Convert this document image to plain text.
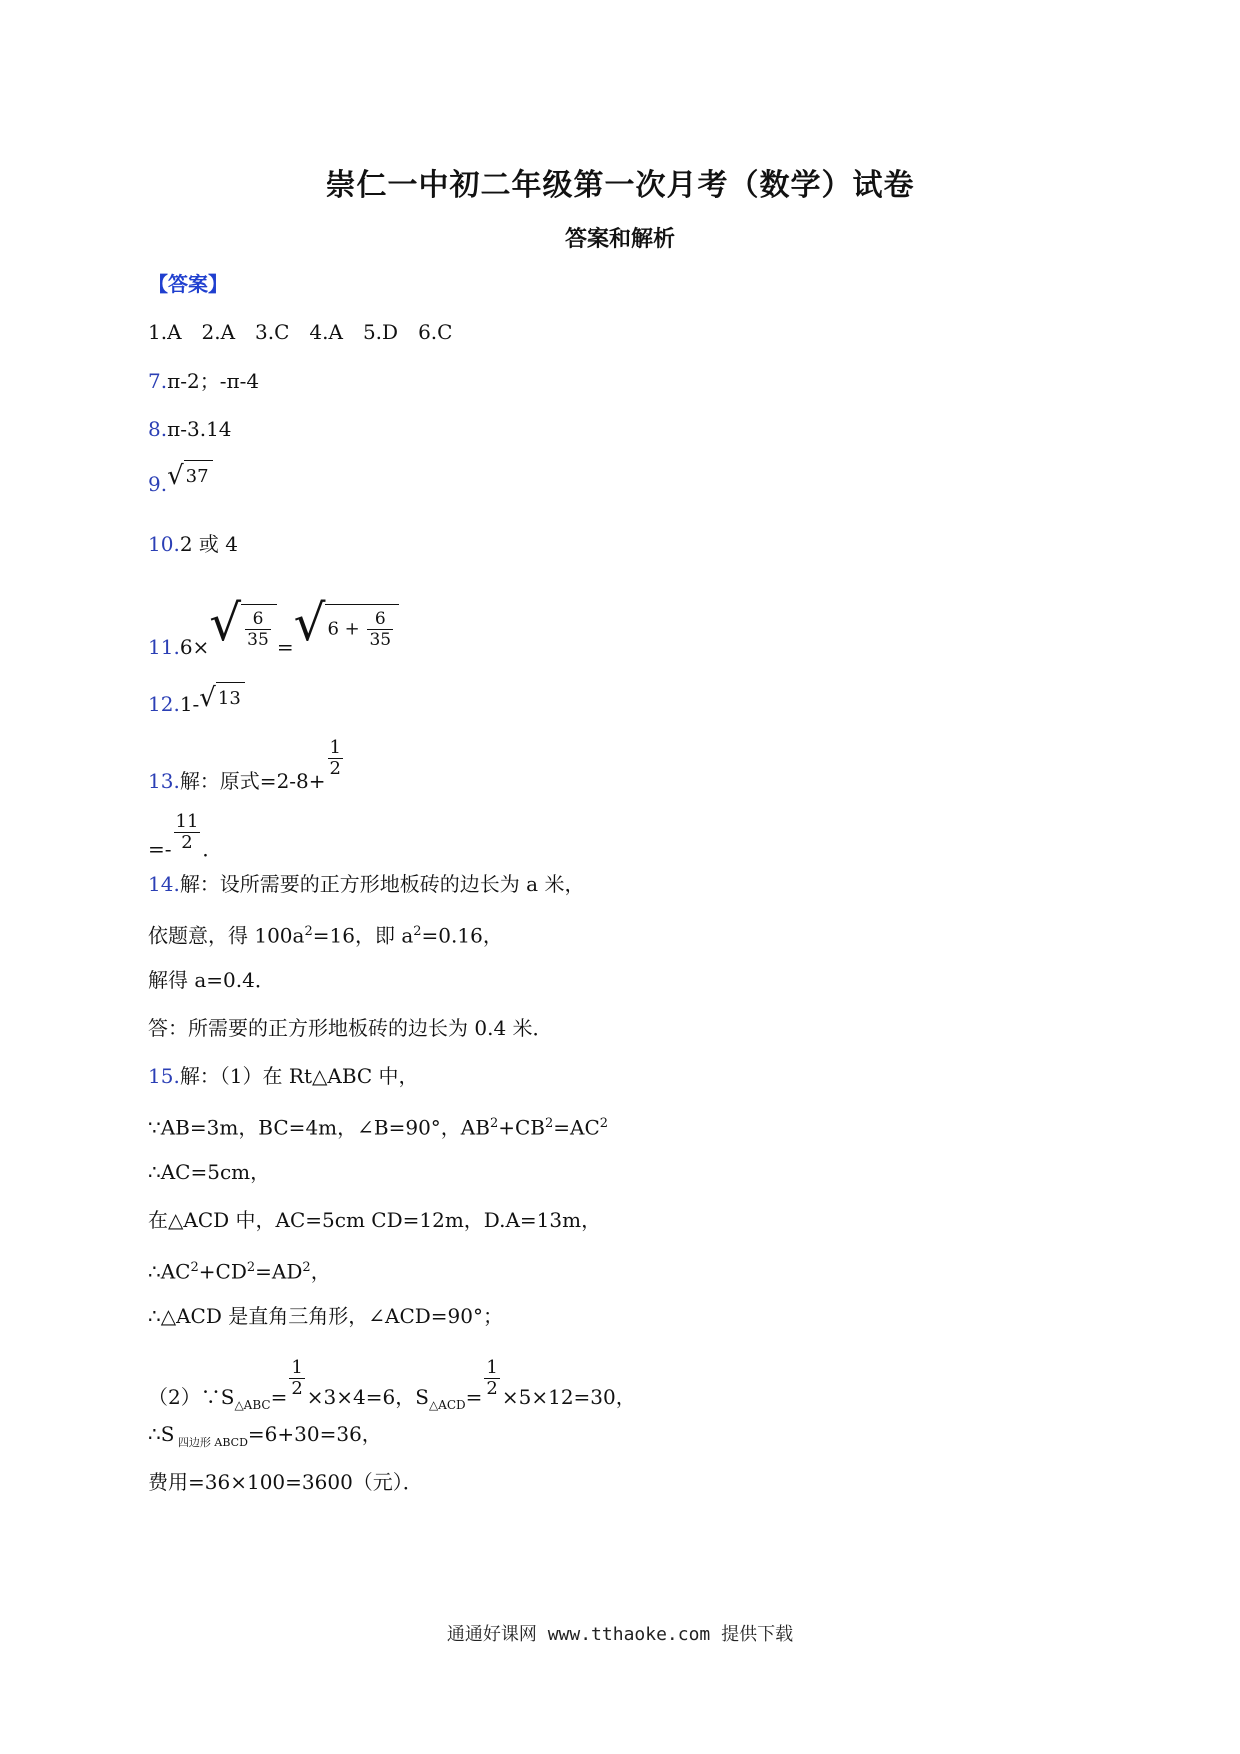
崇仁一中初二年级第一次月考（数学）试卷
答案和解析
【答案】
1.A　2.A　3.C　4.A　5.D　6.C
7.π-2；-π-4
8.π-3.14
9.√ 37
10.2 或 4
$11.6\times√ \frac{6}{35}$ =√ $6 + \frac{6}{35}$
12.1-√ 13
13.解：原式=2-8+
$\frac{1}{2}$
=- $\frac{11}{2}$ ．
14.解：设所需要的正方形地板砖的边长为 a 米，
依题意，得 $100a^2=16$，即 $a^2=0.16$，
解得 a=0.4．
答：所需要的正方形地板砖的边长为 0.4 米．
15.解：（1）在 Rt△ABC 中，
∵AB=3m，BC=4m，∠B=90°，$AB^2+CB^2=AC^2$
∴AC=5cm，
在△ACD 中，AC=5cm CD=12m，D.A=13m，
$\therefore AC^2+CD^2=AD^2$，
∴△ACD 是直角三角形，∠ACD=90°；
$(2)\because S_{\triangle ABC}= \frac{1}{2} \times 3\times 4=6$，$S_{\triangle ACD}= \frac{1}{2} \times 5\times 12=30$，
∴S $_{四边形 ABCD}$=6+30=36，
费用=36×100=3600（元）．
通通好课网 www.tthaoke.com 提供下载
